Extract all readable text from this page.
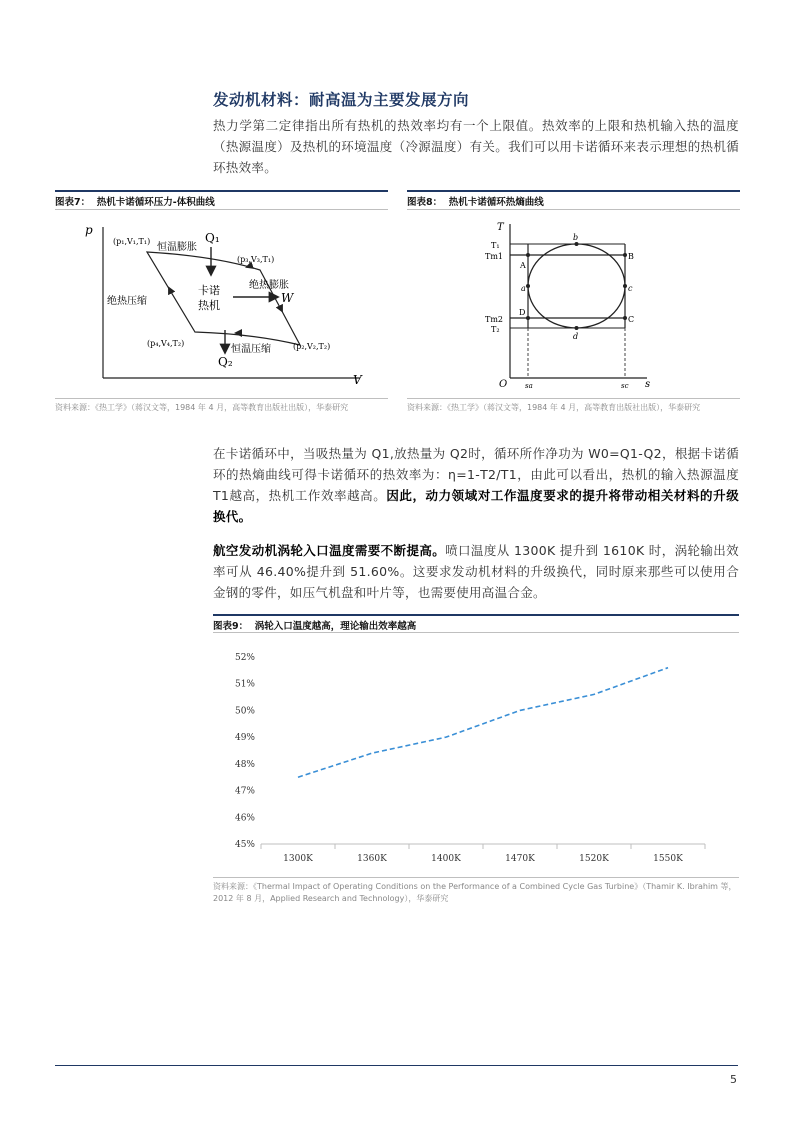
发动机材料：耐高温为主要发展方向
热力学第二定律指出所有热机的热效率均有一个上限值。热效率的上限和热机输入热的温度（热源温度）及热机的环境温度（冷源温度）有关。我们可以用卡诺循环来表示理想的热机循环热效率。
图表7： 热机卡诺循环压力-体积曲线
p
V
(p₁,V₁,T₁)
(p₃,V₃,T₁)
(p₂,V₂,T₂)
(p₄,V₄,T₂)
恒温膨胀
绝热膨胀
绝热压缩
恒温压缩
Q₁
卡诺
热机
W
Q₂
资料来源：《热工学》（蒋汉文等，1984 年 4 月，高等教育出版社出版），华泰研究
图表8： 热机卡诺循环热熵曲线
T
s
O
T₁
Tm1
Tm2
T₂
A
B
C
D
a
b
c
d
sa	sc
资料来源：《热工学》（蒋汉文等，1984 年 4 月，高等教育出版社出版），华泰研究
在卡诺循环中，当吸热量为 Q1,放热量为 Q2时，循环所作净功为 W0=Q1-Q2，根据卡诺循环的热熵曲线可得卡诺循环的热效率为：η=1-T2/T1，由此可以看出，热机的输入热源温度T1越高，热机工作效率越高。因此，动力领域对工作温度要求的提升将带动相关材料的升级换代。
航空发动机涡轮入口温度需要不断提高。喷口温度从 1300K 提升到 1610K 时，涡轮输出效率可从 46.40%提升到 51.60%。这要求发动机材料的升级换代，同时原来那些可以使用合金钢的零件，如压气机盘和叶片等，也需要使用高温合金。
图表9： 涡轮入口温度越高，理论输出效率越高
45%
46%
47%
48%
49%
50%
51%
52%
1300K	1360K	1400K	1470K	1520K	1550K
资料来源：《Thermal Impact of Operating Conditions on the Performance of a Combined Cycle Gas Turbine》（Thamir K. Ibrahim 等，2012 年 8 月，Applied Research and Technology），华泰研究
5
